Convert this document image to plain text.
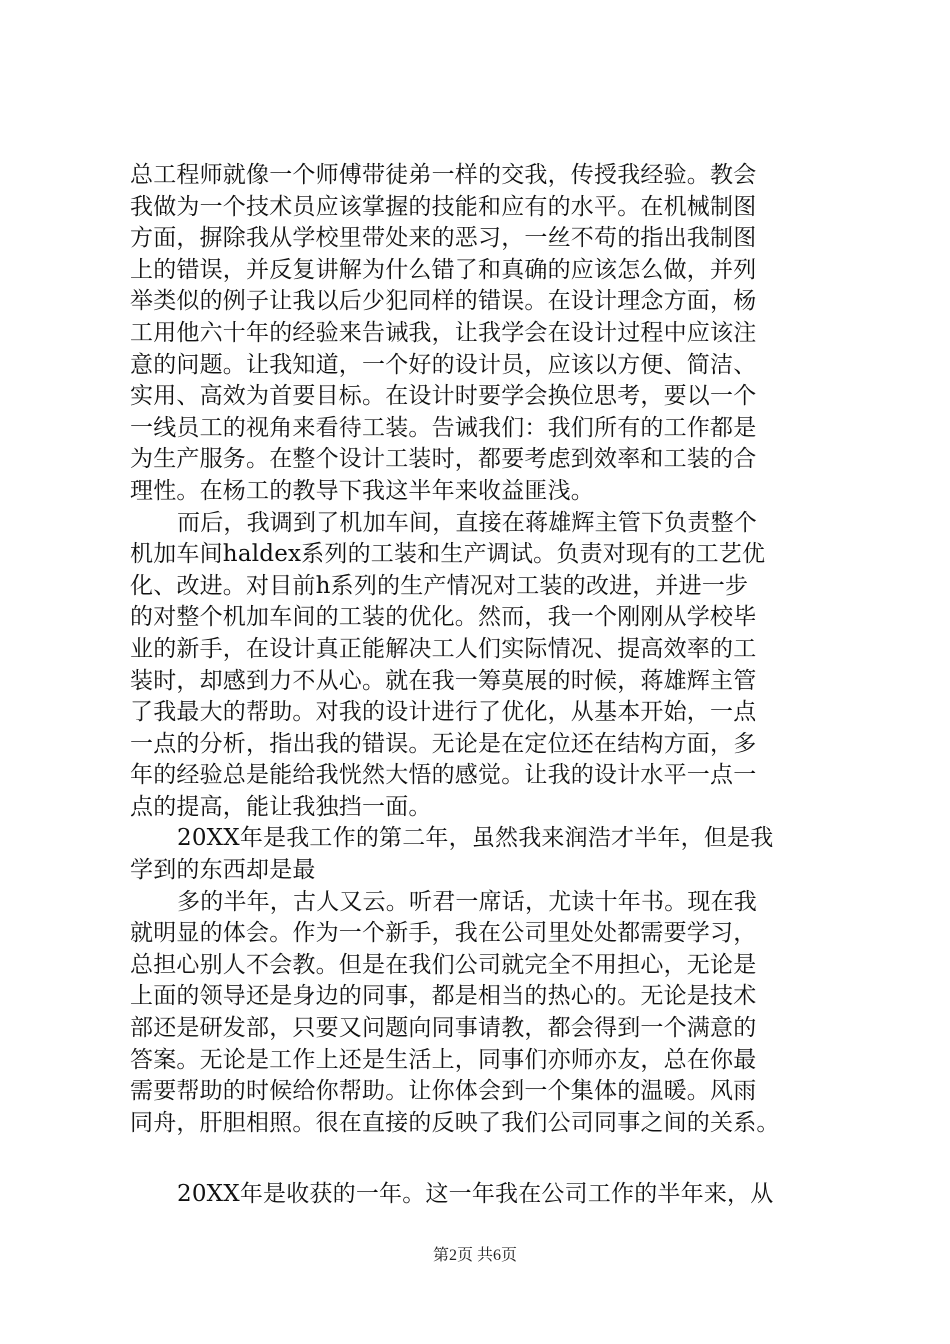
总工程师就像一个师傅带徒弟一样的交我，传授我经验。教会
我做为一个技术员应该掌握的技能和应有的水平。在机械制图
方面，摒除我从学校里带处来的恶习，一丝不苟的指出我制图
上的错误，并反复讲解为什么错了和真确的应该怎么做，并列
举类似的例子让我以后少犯同样的错误。在设计理念方面，杨
工用他六十年的经验来告诫我，让我学会在设计过程中应该注
意的问题。让我知道，一个好的设计员，应该以方便、简洁、
实用、高效为首要目标。在设计时要学会换位思考，要以一个
一线员工的视角来看待工装。告诫我们：我们所有的工作都是
为生产服务。在整个设计工装时，都要考虑到效率和工装的合
理性。在杨工的教导下我这半年来收益匪浅。
而后，我调到了机加车间，直接在蒋雄辉主管下负责整个
机加车间haldex系列的工装和生产调试。负责对现有的工艺优
化、改进。对目前h系列的生产情况对工装的改进，并进一步
的对整个机加车间的工装的优化。然而，我一个刚刚从学校毕
业的新手，在设计真正能解决工人们实际情况、提高效率的工
装时，却感到力不从心。就在我一筹莫展的时候，蒋雄辉主管
了我最大的帮助。对我的设计进行了优化，从基本开始，一点
一点的分析，指出我的错误。无论是在定位还在结构方面，多
年的经验总是能给我恍然大悟的感觉。让我的设计水平一点一
点的提高，能让我独挡一面。
20XX年是我工作的第二年，虽然我来润浩才半年，但是我
学到的东西却是最
多的半年，古人又云。听君一席话，尤读十年书。现在我
就明显的体会。作为一个新手，我在公司里处处都需要学习，
总担心别人不会教。但是在我们公司就完全不用担心，无论是
上面的领导还是身边的同事，都是相当的热心的。无论是技术
部还是研发部，只要又问题向同事请教，都会得到一个满意的
答案。无论是工作上还是生活上，同事们亦师亦友，总在你最
需要帮助的时候给你帮助。让你体会到一个集体的温暖。风雨
同舟，肝胆相照。很在直接的反映了我们公司同事之间的关系。
20XX年是收获的一年。这一年我在公司工作的半年来，从
第2页 共6页
